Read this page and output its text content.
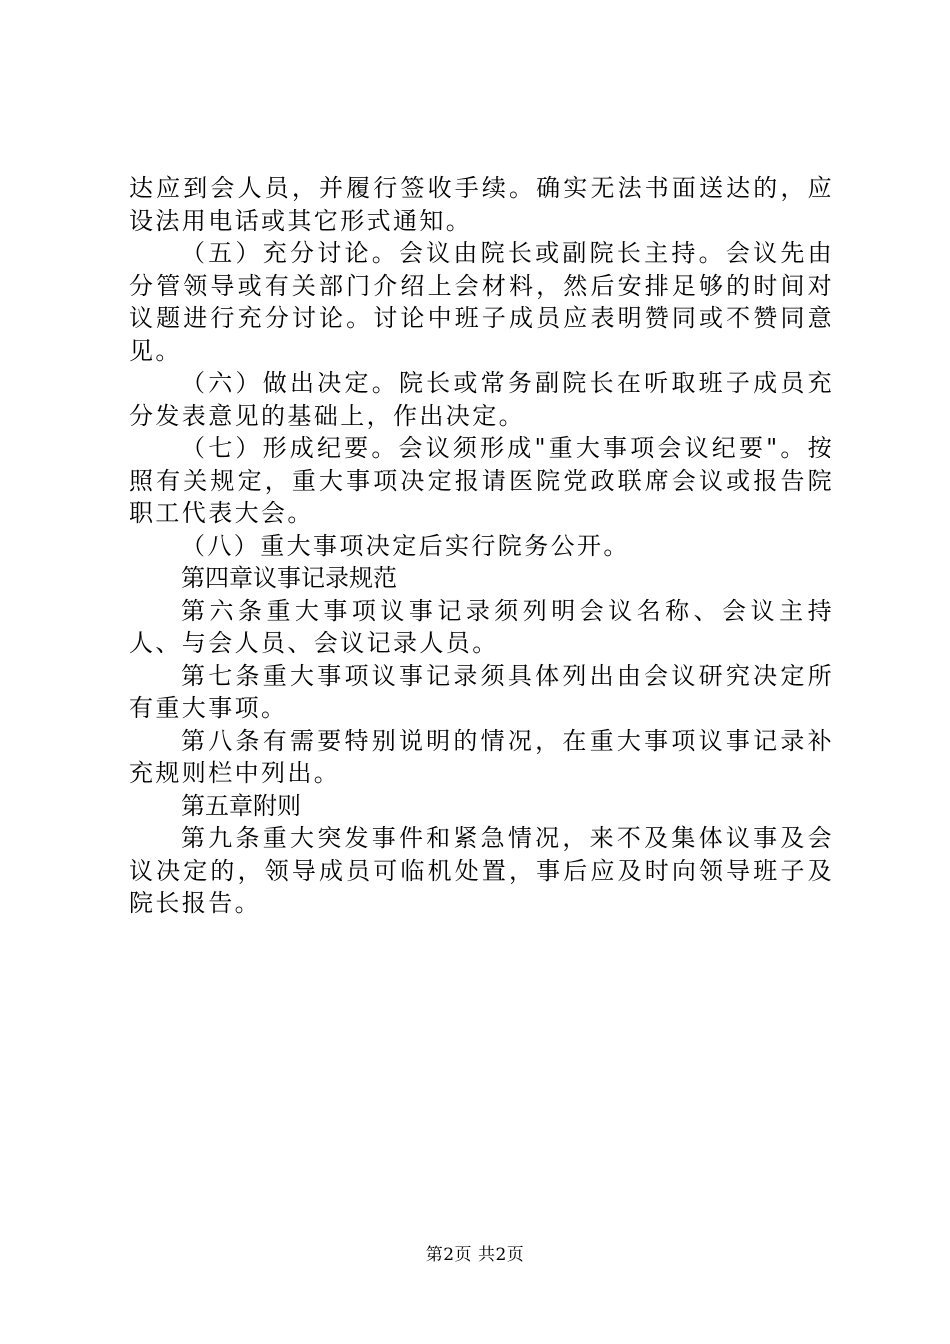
达应到会人员，并履行签收手续。确实无法书面送达的，应设法用电话或其它形式通知。

（五）充分讨论。会议由院长或副院长主持。会议先由分管领导或有关部门介绍上会材料，然后安排足够的时间对议题进行充分讨论。讨论中班子成员应表明赞同或不赞同意见。

（六）做出决定。院长或常务副院长在听取班子成员充分发表意见的基础上，作出决定。

（七）形成纪要。会议须形成"重大事项会议纪要"。按照有关规定，重大事项决定报请医院党政联席会议或报告院职工代表大会。

（八）重大事项决定后实行院务公开。

第四章议事记录规范

第六条重大事项议事记录须列明会议名称、会议主持人、与会人员、会议记录人员。

第七条重大事项议事记录须具体列出由会议研究决定所有重大事项。

第八条有需要特别说明的情况，在重大事项议事记录补充规则栏中列出。

第五章附则

第九条重大突发事件和紧急情况，来不及集体议事及会议决定的，领导成员可临机处置，事后应及时向领导班子及院长报告。

第2页 共2页
